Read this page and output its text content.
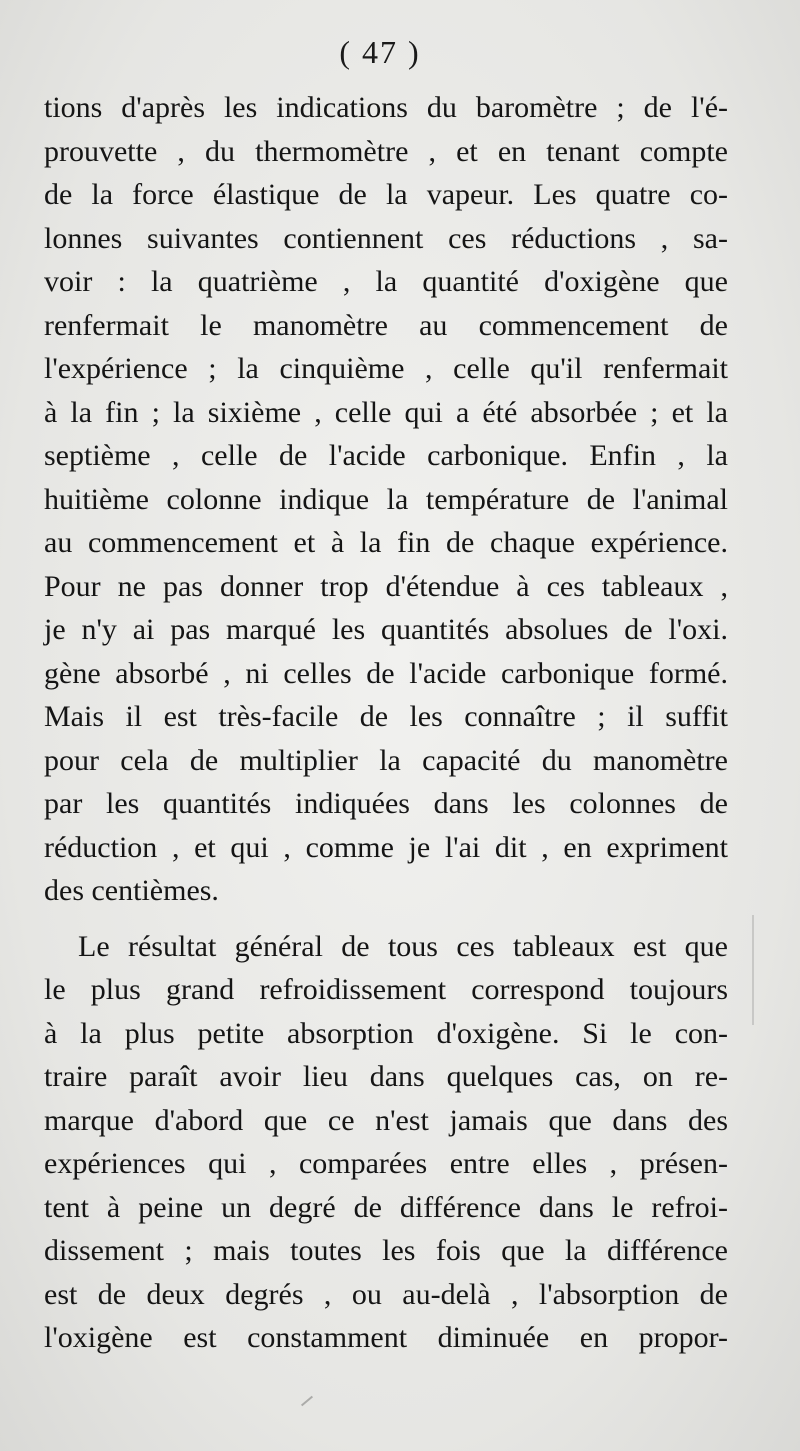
( 47 )
tions d'après les indications du baromètre ; de l'é-
prouvette , du thermomètre , et en tenant compte
de la force élastique de la vapeur. Les quatre co-
lonnes suivantes contiennent ces réductions , sa-
voir : la quatrième , la quantité d'oxigène que
renfermait le manomètre au commencement de
l'expérience ; la cinquième , celle qu'il renfermait
à la fin ; la sixième , celle qui a été absorbée ; et la
septième , celle de l'acide carbonique. Enfin , la
huitième colonne indique la température de l'animal
au commencement et à la fin de chaque expérience.
Pour ne pas donner trop d'étendue à ces tableaux ,
je n'y ai pas marqué les quantités absolues de l'oxi.
gène absorbé , ni celles de l'acide carbonique formé.
Mais il est très-facile de les connaître ; il suffit
pour cela de multiplier la capacité du manomètre
par les quantités indiquées dans les colonnes de
réduction , et qui , comme je l'ai dit , en expriment
des centièmes.
Le résultat général de tous ces tableaux est que
le plus grand refroidissement correspond toujours
à la plus petite absorption d'oxigène. Si le con-
traire paraît avoir lieu dans quelques cas, on re-
marque d'abord que ce n'est jamais que dans des
expériences qui , comparées entre elles , présen-
tent à peine un degré de différence dans le refroi-
dissement ; mais toutes les fois que la différence
est de deux degrés , ou au-delà , l'absorption de
l'oxigène est constamment diminuée en propor-
